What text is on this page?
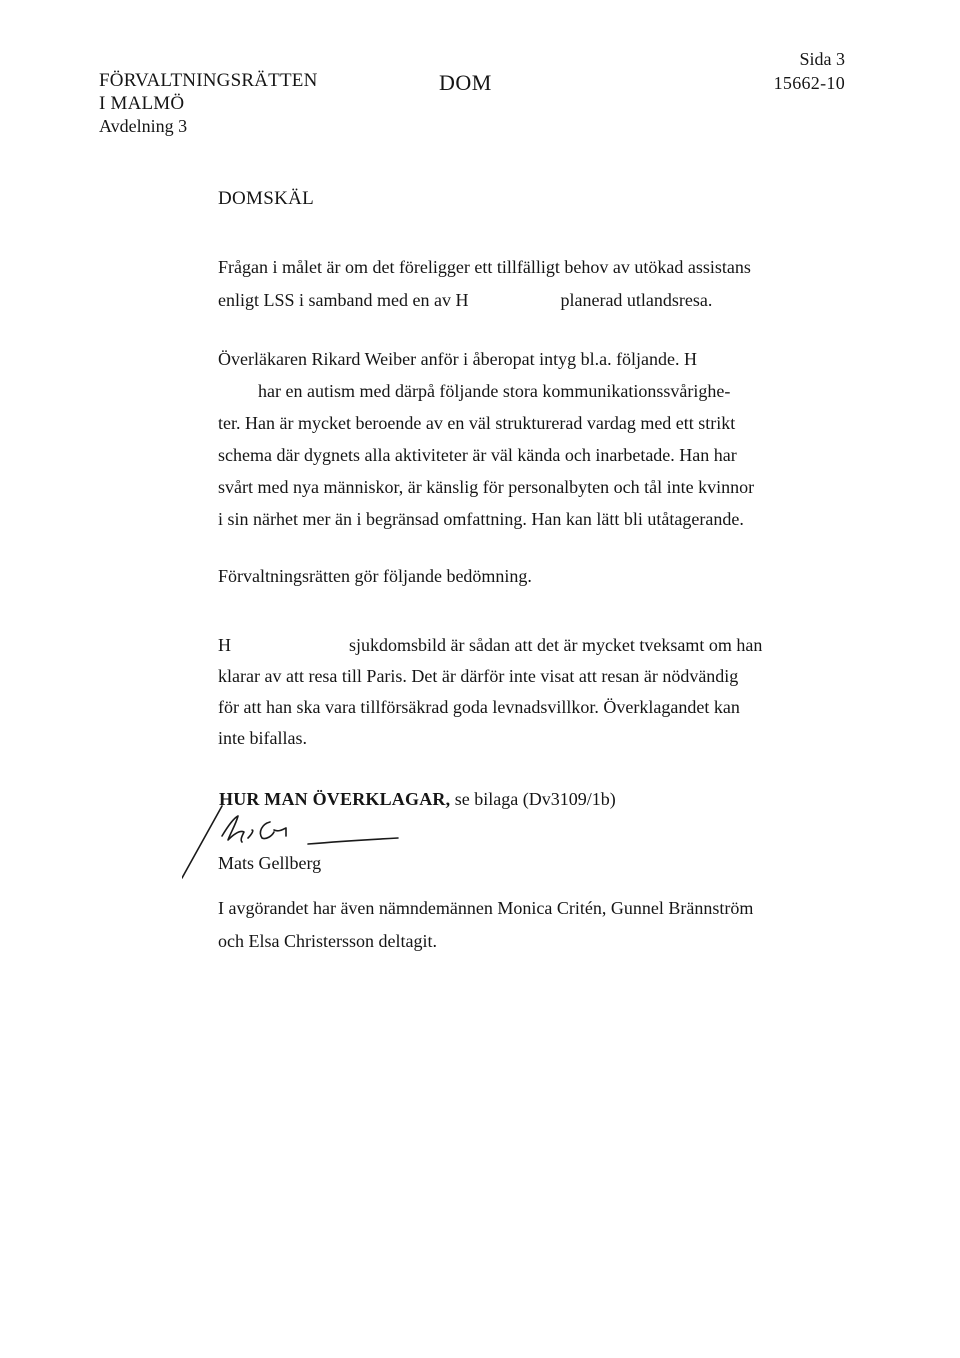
FÖRVALTNINGSRÄTTEN
I MALMÖ
Avdelning 3
DOM
Sida 3
15662-10
DOMSKÄL
Frågan i målet är om det föreligger ett tillfälligt behov av utökad assistans
enligt LSS i samband med en av H	planerad utlandsresa.
Överläkaren Rikard Weiber anför i åberopat intyg bl.a. följande. H
har en autism med därpå följande stora kommunikationssvårighe-
ter. Han är mycket beroende av en väl strukturerad vardag med ett strikt
schema där dygnets alla aktiviteter är väl kända och inarbetade. Han har
svårt med nya människor, är känslig för personalbyten och tål inte kvinnor
i sin närhet mer än i begränsad omfattning. Han kan lätt bli utåtagerande.
Förvaltningsrätten gör följande bedömning.
H	sjukdomsbild är sådan att det är mycket tveksamt om han
klarar av att resa till Paris. Det är därför inte visat att resan är nödvändig
för att han ska vara tillförsäkrad goda levnadsvillkor. Överklagandet kan
inte bifallas.
HUR MAN ÖVERKLAGAR, se bilaga (Dv3109/1b)
Mats Gellberg
I avgörandet har även nämndemännen Monica Critén, Gunnel Brännström
och Elsa Christersson deltagit.
